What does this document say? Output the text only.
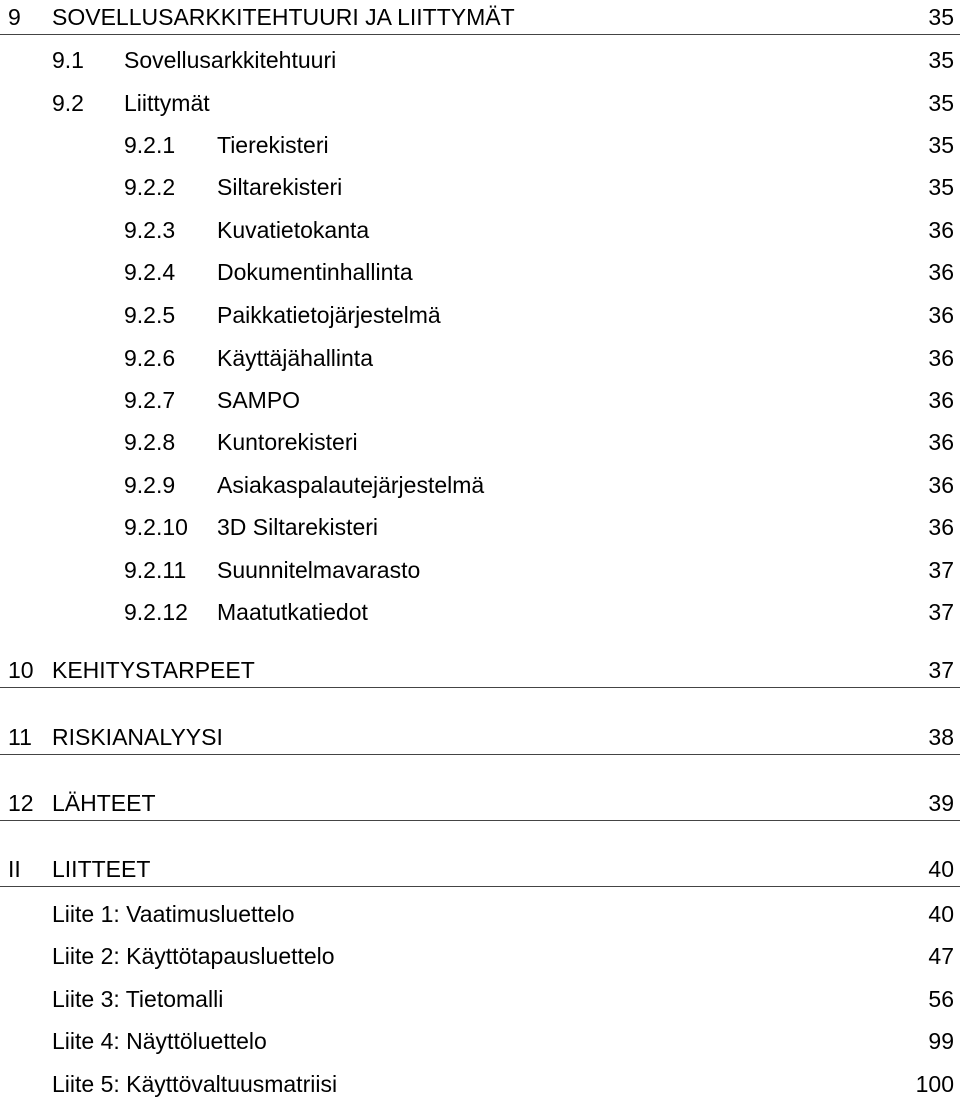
9 SOVELLUSARKKITEHTUURI JA LIITTYMÄT	35
9.1 Sovellusarkkitehtuuri	35
9.2 Liittymät	35
9.2.1 Tierekisteri	35
9.2.2 Siltarekisteri	35
9.2.3 Kuvatietokanta	36
9.2.4 Dokumentinhallinta	36
9.2.5 Paikkatietojärjestelmä	36
9.2.6 Käyttäjähallinta	36
9.2.7 SAMPO	36
9.2.8 Kuntorekisteri	36
9.2.9 Asiakaspalautejärjestelmä	36
9.2.10 3D Siltarekisteri	36
9.2.11 Suunnitelmavarasto	37
9.2.12 Maatutkatiedot	37
10 KEHITYSTARPEET	37
11 RISKIANALYYSI	38
12 LÄHTEET	39
II LIITTEET	40
Liite 1: Vaatimusluettelo	40
Liite 2: Käyttötapausluettelo	47
Liite 3: Tietomalli	56
Liite 4: Näyttöluettelo	99
Liite 5: Käyttövaltuusmatriisi	100
